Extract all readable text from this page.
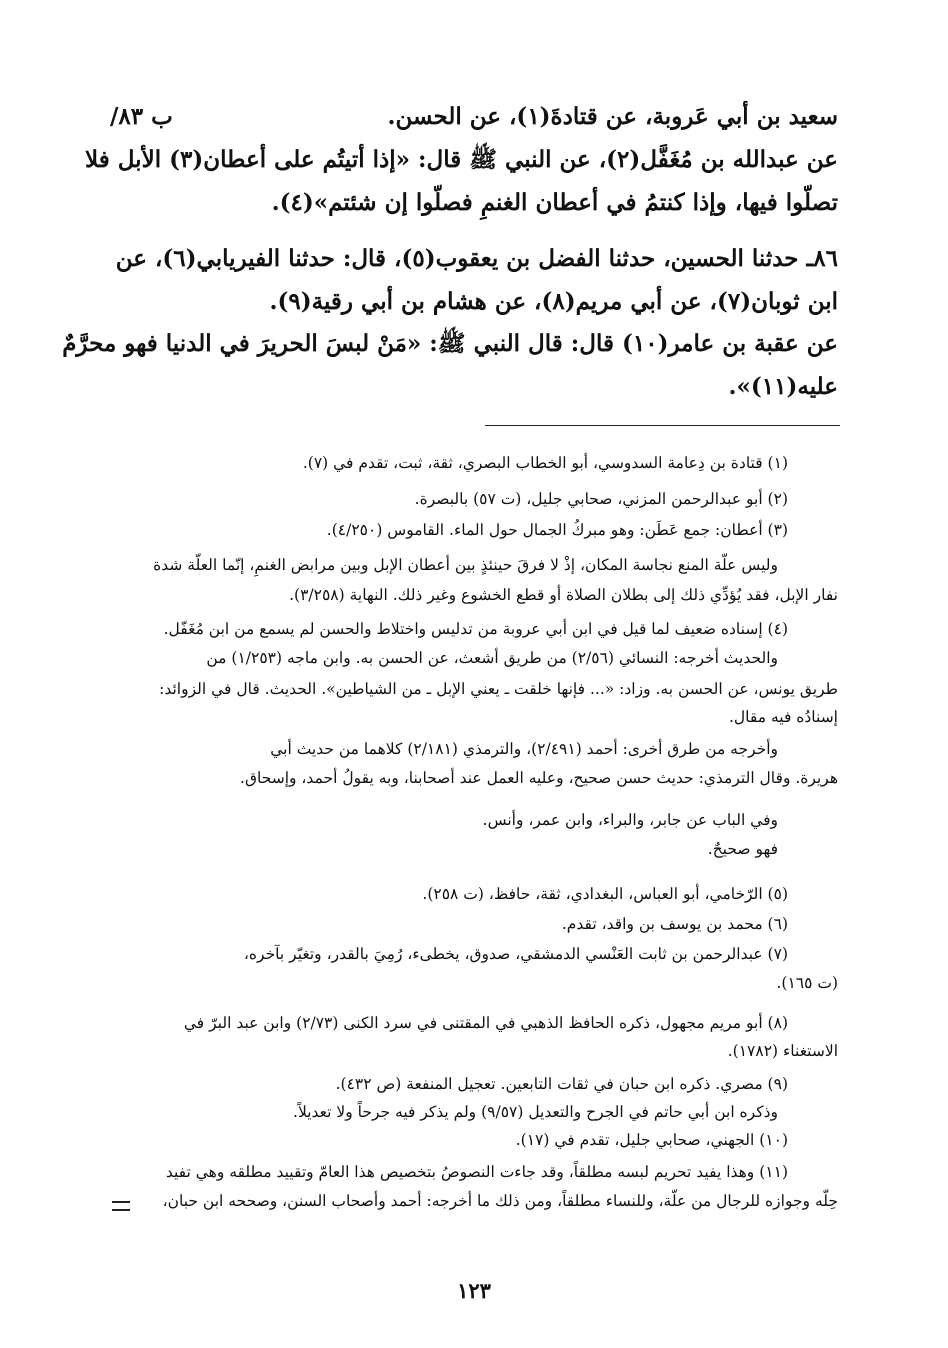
سعيد بن أبي عَروبة، عن قتادةَ(١)، عن الحسن.
/۸۳ ب
عن عبدالله بن مُغَفَّل(٢)، عن النبي ﷺ قال: «إذا أتيتُم على أعطان(٣) الأبل فلا
تصلّوا فيها، وإذا كنتمُ في أعطان الغنمِ فصلّوا إن شئتم»(٤).
٨٦ـ حدثنا الحسين، حدثنا الفضل بن يعقوب(٥)، قال: حدثنا الفيريابي(٦)، عن
ابن ثوبان(٧)، عن أبي مريم(٨)، عن هشام بن أبي رقية(٩).
عن عقبة بن عامر(١٠) قال: قال النبي ﷺ: «مَنْ لبسَ الحريرَ في الدنيا فهو محرَّمٌ
عليه(١١)».
(١) قتادة بن دِعامة السدوسي، أبو الخطاب البصري، ثقة، ثبت، تقدم في (٧).
(٢) أبو عبدالرحمن المزني، صحابي جليل، (ت ٥٧) بالبصرة.
(٣) أعطان: جمع عَطَن: وهو مبركُ الجمال حول الماء. القاموس (٤/٢٥٠).
وليس علّة المنع نجاسة المكان، إذْ لا فرقَ حينئذٍ بين أعطان الإبل وبين مرابض الغنمِ، إنّما العلّة شدة
نفار الإبل، فقد يُؤدِّي ذلك إلى بطلان الصلاة أو قطع الخشوع وغير ذلك. النهاية (٣/٢٥٨).
(٤) إسناده ضعيف لما قيل في ابن أبي عروبة من تدليس واختلاط والحسن لم يسمع من ابن مُغَفّل.
والحديث أخرجه: النسائي (٢/٥٦) من طريق أشعث، عن الحسن به. وابن ماجه (١/٢٥٣) من
طريق يونس، عن الحسن به. وزاد: «... فإنها خلقت ـ يعني الإبل ـ من الشياطين». الحديث. قال في الزوائد:
إسنادُه فيه مقال.
وأخرجه من طرق أخرى: أحمد (٢/٤٩١)، والترمذي (٢/١٨١) كلاهما من حديث أبي
هريرة. وقال الترمذي: حديث حسن صحيح، وعليه العمل عند أصحابنا، وبه يقولُ أحمد، وإسحاق.
وفي الباب عن جابر، والبراء، وابن عمر، وأنس.
فهو صحيحٌ.
(٥) الرّخامي، أبو العباس، البغدادي، ثقة، حافظ، (ت ٢٥٨).
(٦) محمد بن يوسف بن واقد، تقدم.
(٧) عبدالرحمن بن ثابت العَنْسي الدمشقي، صدوق، يخطىء، رُمِيَ بالقدر، وتغيّر بآخره،
(ت ١٦٥).
(٨) أبو مريم مجهول، ذكره الحافظ الذهبي في المقتنى في سرد الكنى (٢/٧٣) وابن عبد البرّ في
الاستغناء (١٧٨٢).
(٩) مصري. ذكره ابن حبان في ثقات التابعين. تعجيل المنفعة (ص ٤٣٢).
وذكره ابن أبي حاتم في الجرح والتعديل (٩/٥٧) ولم يذكر فيه جرحاً ولا تعديلاً.
(١٠) الجهني، صحابي جليل، تقدم في (١٧).
(١١) وهذا يفيد تحريم لبسه مطلقاً، وقد جاءت النصوصُ بتخصيص هذا العامّ وتقييد مطلقه وهي تفيد
حِلّه وجوازه للرجال من علّة، وللنساء مطلقاً، ومن ذلك ما أخرجه: أحمد وأصحاب السنن، وصححه ابن حبان،
١٢٣
